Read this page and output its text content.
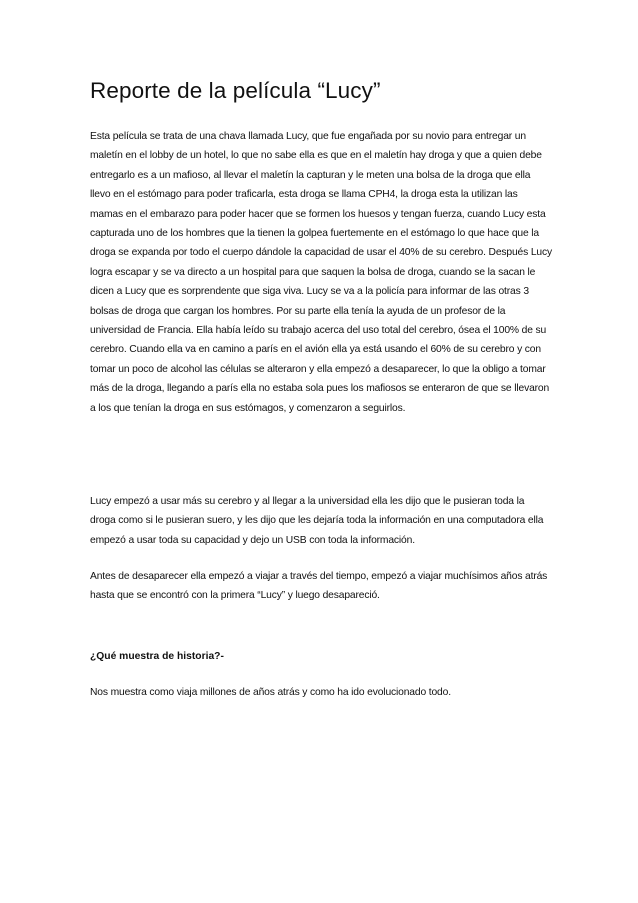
Reporte de la película “Lucy”

Esta película se trata de una chava llamada Lucy, que fue engañada por su novio para entregar un maletín en el lobby de un hotel, lo que no sabe ella es que en el maletín hay droga y que a quien debe entregarlo es a un mafioso, al llevar el maletín la capturan y le meten una bolsa de la droga que ella llevo en el estómago para poder traficarla, esta droga se llama CPH4, la droga esta la utilizan las mamas en el embarazo para poder hacer que se formen los huesos y tengan fuerza, cuando Lucy esta capturada uno de los hombres que la tienen la golpea fuertemente en el estómago lo que hace que la droga se expanda por todo el cuerpo dándole la capacidad de usar el 40% de su cerebro. Después Lucy logra escapar y se va directo a un hospital para que saquen la bolsa de droga, cuando se la sacan le dicen a Lucy que es sorprendente que siga viva. Lucy se va a la policía para informar de las otras 3 bolsas de droga que cargan los hombres. Por su parte ella tenía la ayuda de un profesor de la universidad de Francia. Ella había leído su trabajo acerca del uso total del cerebro, ósea el 100% de su cerebro. Cuando ella va en camino a parís en el avión ella ya está usando el 60% de su cerebro y con tomar un poco de alcohol las células se alteraron y ella empezó a desaparecer, lo que la obligo a tomar más de la droga, llegando a parís ella no estaba sola pues los mafiosos se enteraron de que se llevaron a los que tenían la droga en sus estómagos, y comenzaron a seguirlos.

Lucy empezó a usar más su cerebro y al llegar a la universidad ella les dijo que le pusieran toda la droga como si le pusieran suero, y les dijo que les dejaría toda la información en una computadora ella empezó a usar toda su capacidad y dejo un USB con toda la información.

Antes de desaparecer ella empezó a viajar a través del tiempo, empezó a viajar muchísimos años atrás hasta que se encontró con la primera “Lucy” y luego desapareció.

¿Qué muestra de historia?-

Nos muestra como viaja millones de años atrás y como ha ido evolucionado todo.
